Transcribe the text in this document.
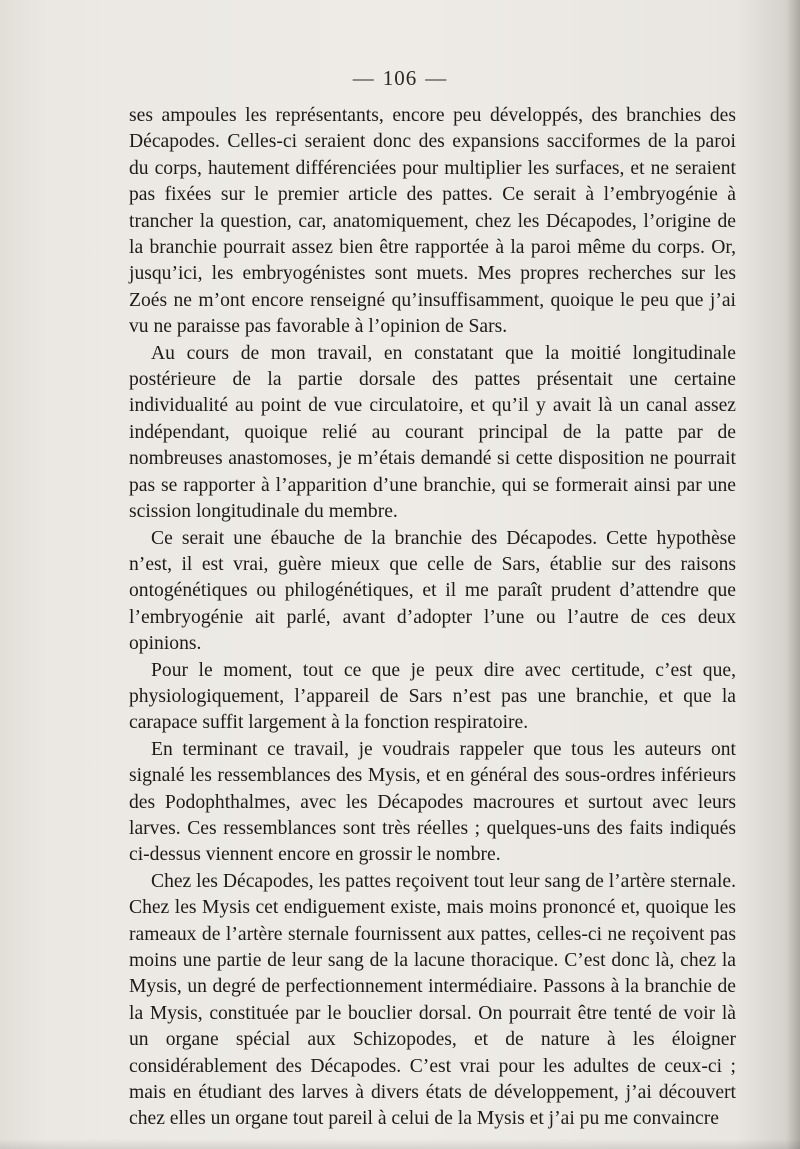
— 106 —

ses ampoules les représentants, encore peu développés, des branchies des Décapodes. Celles-ci seraient donc des expansions sacciformes de la paroi du corps, hautement différenciées pour multiplier les surfaces, et ne seraient pas fixées sur le premier article des pattes. Ce serait à l’embryogénie à trancher la question, car, anatomiquement, chez les Décapodes, l’origine de la branchie pourrait assez bien être rapportée à la paroi même du corps. Or, jusqu’ici, les embryogénistes sont muets. Mes propres recherches sur les Zoés ne m’ont encore renseigné qu’insuffisamment, quoique le peu que j’ai vu ne paraisse pas favorable à l’opinion de Sars.

Au cours de mon travail, en constatant que la moitié longitudinale postérieure de la partie dorsale des pattes présentait une certaine individualité au point de vue circulatoire, et qu’il y avait là un canal assez indépendant, quoique relié au courant principal de la patte par de nombreuses anastomoses, je m’étais demandé si cette disposition ne pourrait pas se rapporter à l’apparition d’une branchie, qui se formerait ainsi par une scission longitudinale du membre.

Ce serait une ébauche de la branchie des Décapodes. Cette hypothèse n’est, il est vrai, guère mieux que celle de Sars, établie sur des raisons ontogénétiques ou philogénétiques, et il me paraît prudent d’attendre que l’embryogénie ait parlé, avant d’adopter l’une ou l’autre de ces deux opinions.

Pour le moment, tout ce que je peux dire avec certitude, c’est que, physiologiquement, l’appareil de Sars n’est pas une branchie, et que la carapace suffit largement à la fonction respiratoire.

En terminant ce travail, je voudrais rappeler que tous les auteurs ont signalé les ressemblances des Mysis, et en général des sous-ordres inférieurs des Podophthalmes, avec les Décapodes macroures et surtout avec leurs larves. Ces ressemblances sont très réelles ; quelques-uns des faits indiqués ci-dessus viennent encore en grossir le nombre.

Chez les Décapodes, les pattes reçoivent tout leur sang de l’artère sternale. Chez les Mysis cet endiguement existe, mais moins prononcé et, quoique les rameaux de l’artère sternale fournissent aux pattes, celles-ci ne reçoivent pas moins une partie de leur sang de la lacune thoracique. C’est donc là, chez la Mysis, un degré de perfectionnement intermédiaire. Passons à la branchie de la Mysis, constituée par le bouclier dorsal. On pourrait être tenté de voir là un organe spécial aux Schizopodes, et de nature à les éloigner considérablement des Décapodes. C’est vrai pour les adultes de ceux-ci ; mais en étudiant des larves à divers états de développement, j’ai découvert chez elles un organe tout pareil à celui de la Mysis et j’ai pu me convaincre
